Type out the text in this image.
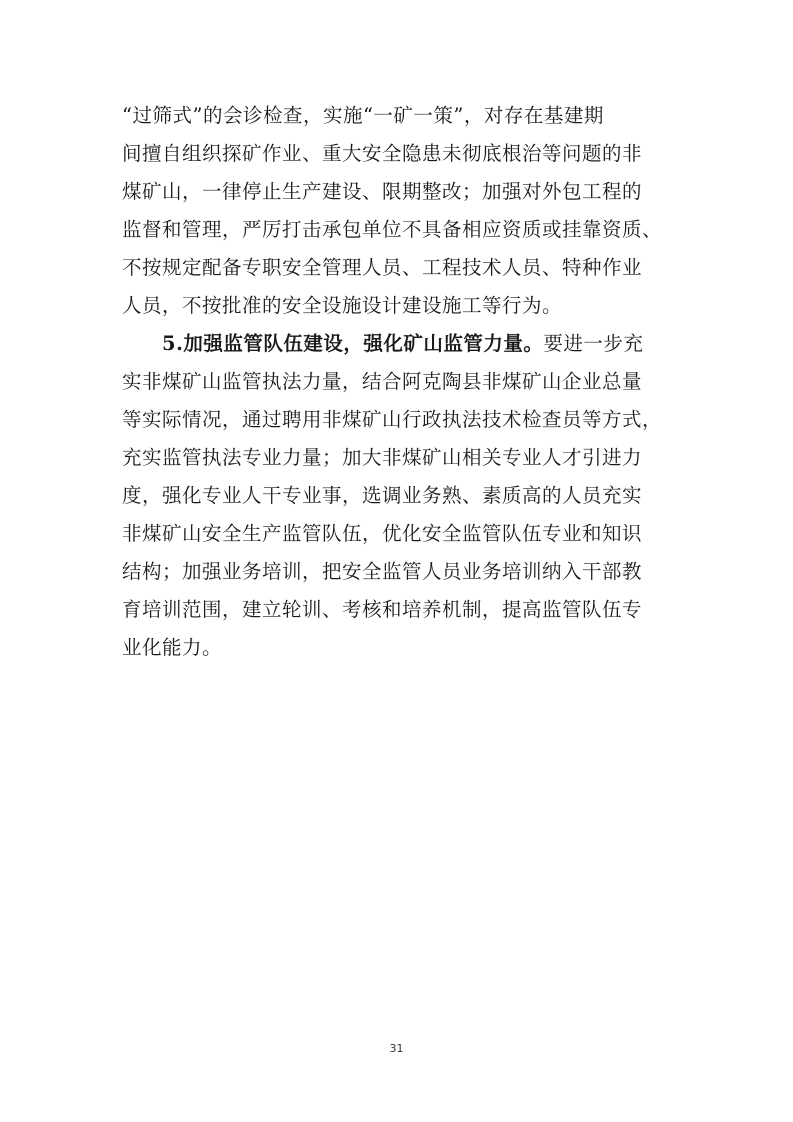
“过筛式”的会诊检查，实施“一矿一策”，对存在基建期
间擅自组织探矿作业、重大安全隐患未彻底根治等问题的非
煤矿山，一律停止生产建设、限期整改；加强对外包工程的
监督和管理，严厉打击承包单位不具备相应资质或挂靠资质、
不按规定配备专职安全管理人员、工程技术人员、特种作业
人员，不按批准的安全设施设计建设施工等行为。
5.加强监管队伍建设，强化矿山监管力量。要进一步充
实非煤矿山监管执法力量，结合阿克陶县非煤矿山企业总量
等实际情况，通过聘用非煤矿山行政执法技术检查员等方式，
充实监管执法专业力量；加大非煤矿山相关专业人才引进力
度，强化专业人干专业事，选调业务熟、素质高的人员充实
非煤矿山安全生产监管队伍，优化安全监管队伍专业和知识
结构；加强业务培训，把安全监管人员业务培训纳入干部教
育培训范围，建立轮训、考核和培养机制，提高监管队伍专
业化能力。
31
